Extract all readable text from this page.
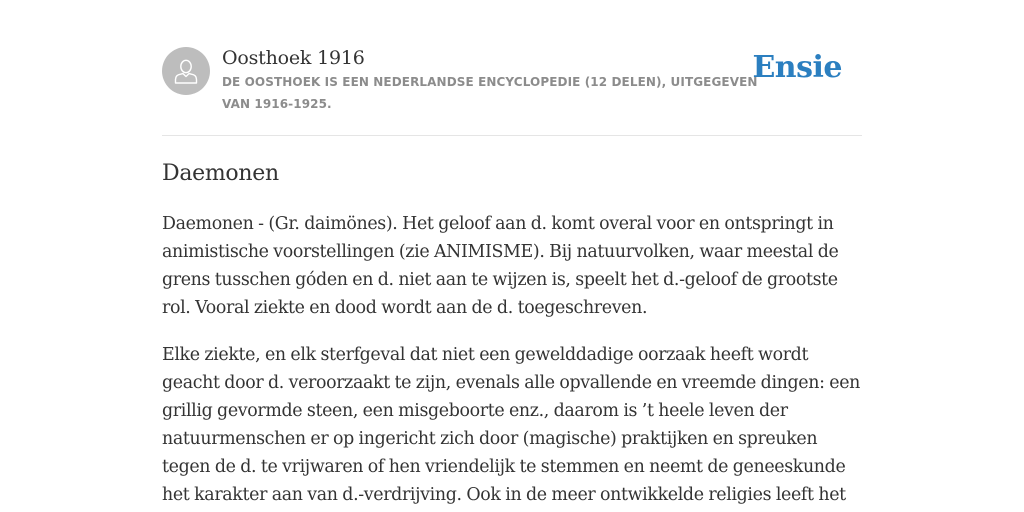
Oosthoek 1916
DE OOSTHOEK IS EEN NEDERLANDSE ENCYCLOPEDIE (12 DELEN), UITGEGEVEN VAN 1916-1925.
Ensie
Daemonen

Daemonen - (Gr. daimönes). Het geloof aan d. komt overal voor en ontspringt in animistische voorstellingen (zie ANIMISME). Bij natuurvolken, waar meestal de grens tusschen góden en d. niet aan te wijzen is, speelt het d.-geloof de grootste rol. Vooral ziekte en dood wordt aan de d. toegeschreven.

Elke ziekte, en elk sterfgeval dat niet een gewelddadige oorzaak heeft wordt geacht door d. veroorzaakt te zijn, evenals alle opvallende en vreemde dingen: een grillig gevormde steen, een misgeboorte enz., daarom is ’t heele leven der natuurmenschen er op ingericht zich door (magische) praktijken en spreuken tegen de d. te vrijwaren of hen vriendelijk te stemmen en neemt de geneeskunde het karakter aan van d.-verdrijving. Ook in de meer ontwikkelde religies leeft het
